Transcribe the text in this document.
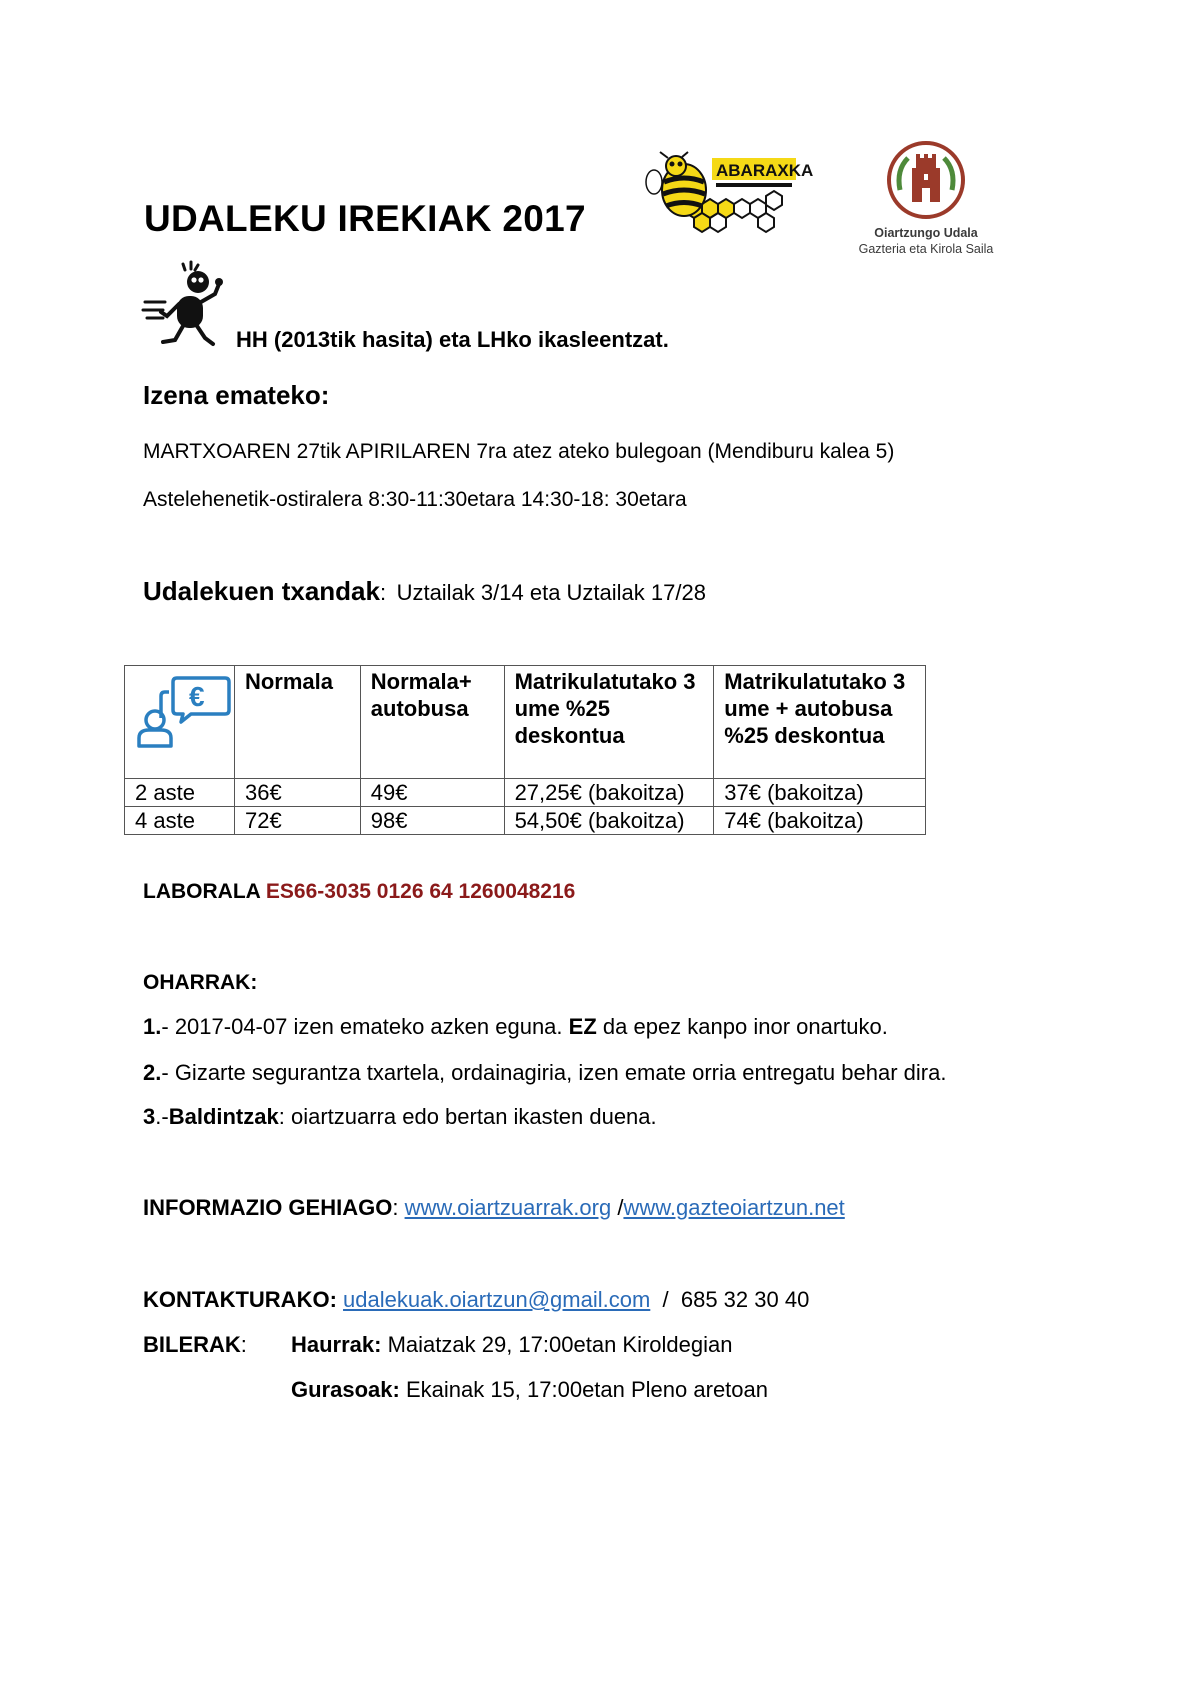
UDALEKU IREKIAK 2017
ABARAXKA
Oiartzungo Udala
Gazteria eta Kirola Saila
HH (2013tik hasita) eta LHko ikasleentzat.
Izena emateko:
MARTXOAREN 27tik APIRILAREN 7ra atez ateko bulegoan (Mendiburu kalea 5)
Astelehenetik-ostiralera 8:30-11:30etara 14:30-18: 30etara
Udalekuen txandak: Uztailak 3/14 eta Uztailak 17/28
€	Normala	Normala+ autobusa	Matrikulatutako 3 ume %25 deskontua	Matrikulatutako 3 ume + autobusa %25 deskontua
2 aste	36€	49€	27,25€ (bakoitza)	37€ (bakoitza)
4 aste	72€	98€	54,50€ (bakoitza)	74€ (bakoitza)
LABORALA ES66-3035 0126 64 1260048216
OHARRAK:
1.- 2017-04-07 izen emateko azken eguna. EZ da epez kanpo inor onartuko.
2.- Gizarte segurantza txartela, ordainagiria, izen emate orria entregatu behar dira.
3.-Baldintzak: oiartzuarra edo bertan ikasten duena.
INFORMAZIO GEHIAGO: www.oiartzuarrak.org /www.gazteoiartzun.net
KONTAKTURAKO: udalekuak.oiartzun@gmail.com  /  685 32 30 40
BILERAK: Haurrak: Maiatzak 29, 17:00etan Kiroldegian
Gurasoak: Ekainak 15, 17:00etan Pleno aretoan
